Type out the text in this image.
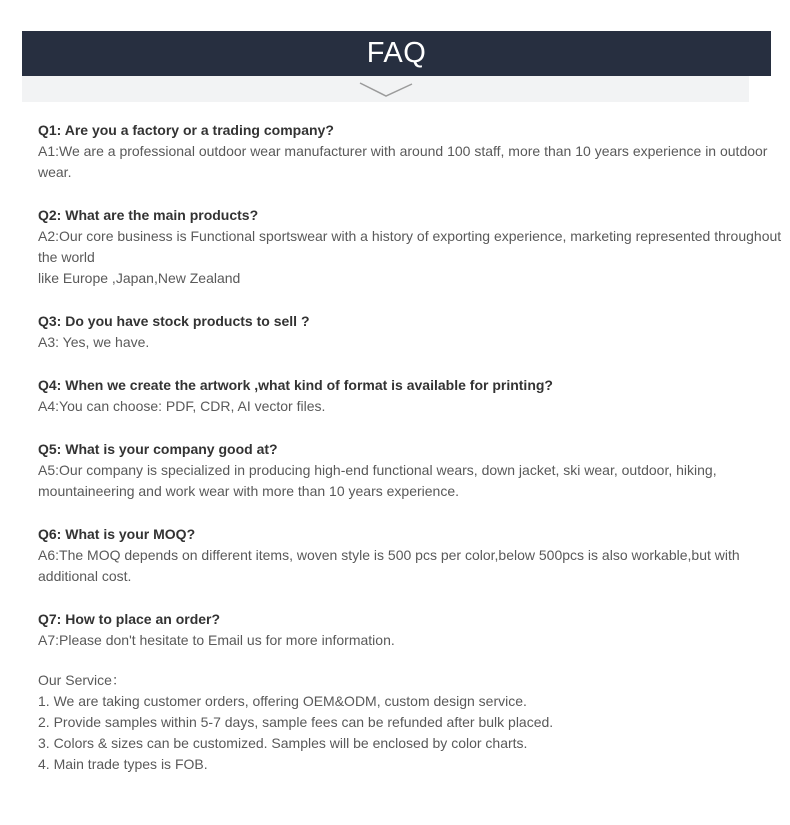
FAQ
Q1: Are you a factory or a trading company?
A1:We are a professional outdoor wear manufacturer with around 100 staff, more than 10 years experience in outdoor
wear.
Q2: What are the main products?
A2:Our core business is Functional sportswear with a history of exporting experience, marketing represented throughout
the world
like Europe ,Japan,New Zealand
Q3: Do you have stock products to sell ?
A3: Yes, we have.
Q4: When we create the artwork ,what kind of format is available for printing?
A4:You can choose: PDF, CDR, AI vector files.
Q5: What is your company good at?
A5:Our company is specialized in producing high-end functional wears, down jacket, ski wear, outdoor, hiking,
mountaineering and work wear with more than 10 years experience.
Q6: What is your MOQ?
A6:The MOQ depends on different items, woven style is 500 pcs per color,below 500pcs is also workable,but with
additional cost.
Q7: How to place an order?
A7:Please don't hesitate to Email us for more information.
Our Service：
1. We are taking customer orders, offering OEM&ODM, custom design service.
2. Provide samples within 5-7 days, sample fees can be refunded after bulk placed.
3. Colors & sizes can be customized. Samples will be enclosed by color charts.
4. Main trade types is FOB.
